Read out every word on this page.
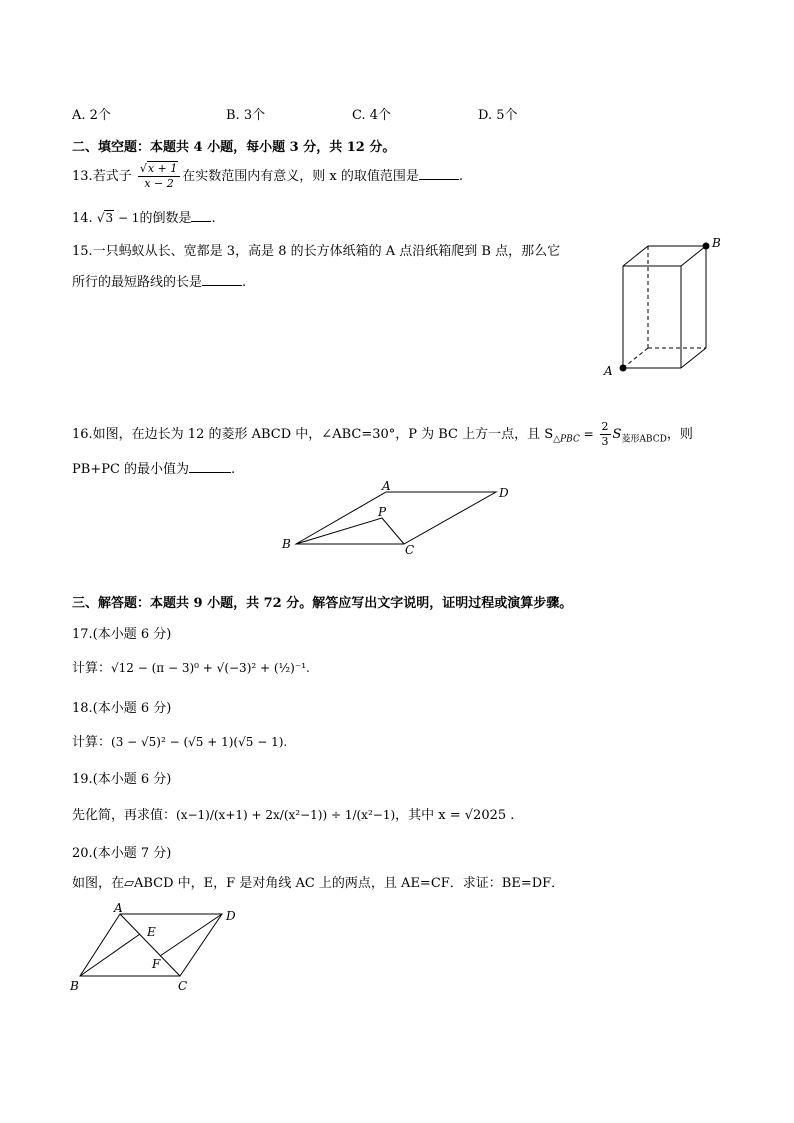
A. 2个	B. 3个	C. 4个	D. 5个
二、填空题：本题共 4 小题，每小题 3 分，共 12 分。
13.若式子 $\frac{√x + 1}{x - 2}$ 在实数范围内有意义，则 x 的取值范围是	.
14. √3 − 1的倒数是 .
15.一只蚂蚁从长、宽都是 3，高是 8 的长方体纸箱的 A 点沿纸箱爬到 B 点，那么它
所行的最短路线的长是	.
B
A
16.如图，在边长为 12 的菱形 ABCD 中，∠ABC=30°，P 为 BC 上方一点，且 $S_{\triangle PBC} = \frac{2}{3} S_{菱形ABCD}$，则
PB+PC 的最小值为	.
A
B	C
D
P
三、解答题：本题共 9 小题，共 72 分。解答应写出文字说明，证明过程或演算步骤。
17.(本小题 6 分)
计算：√12 − (π − 3)⁰ + √(−3)² + (½)⁻¹.
18.(本小题 6 分)
计算：(3 − √5)² − (√5 + 1)(√5 − 1).
19.(本小题 6 分)
先化简，再求值：(x−1)/(x+1) + 2x/(x²−1)) ÷ 1/(x²−1)，其中 x = √2025 .
20.(本小题 7 分)
如图，在▱ABCD 中，E，F 是对角线 AC 上的两点，且 AE=CF．求证：BE=DF．
A
D
B	C
E
F
